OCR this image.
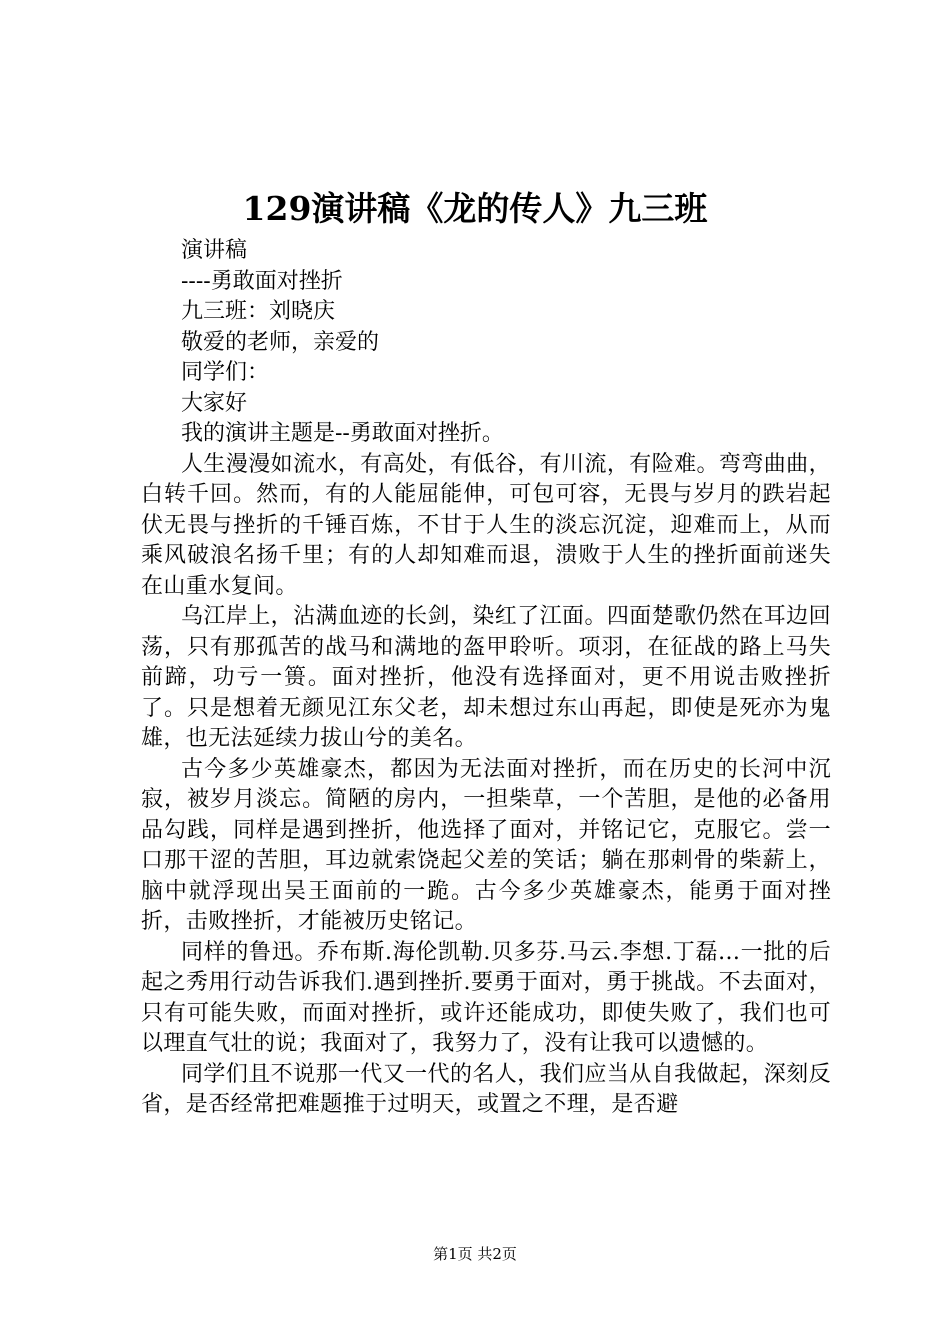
129演讲稿《龙的传人》九三班
演讲稿
----勇敢面对挫折
九三班：刘晓庆
敬爱的老师，亲爱的
同学们：
大家好
我的演讲主题是--勇敢面对挫折。

人生漫漫如流水，有高处，有低谷，有川流，有险难。弯弯曲曲，白转千回。然而，有的人能屈能伸，可包可容，无畏与岁月的跌岩起伏无畏与挫折的千锤百炼，不甘于人生的淡忘沉淀，迎难而上，从而乘风破浪名扬千里；有的人却知难而退，溃败于人生的挫折面前迷失在山重水复间。

乌江岸上，沾满血迹的长剑，染红了江面。四面楚歌仍然在耳边回荡，只有那孤苦的战马和满地的盔甲聆听。项羽，在征战的路上马失前蹄，功亏一篑。面对挫折，他没有选择面对，更不用说击败挫折了。只是想着无颜见江东父老，却未想过东山再起，即使是死亦为鬼雄，也无法延续力拔山兮的美名。

古今多少英雄豪杰，都因为无法面对挫折，而在历史的长河中沉寂，被岁月淡忘。简陋的房内，一担柴草，一个苦胆，是他的必备用品勾践，同样是遇到挫折，他选择了面对，并铭记它，克服它。尝一口那干涩的苦胆，耳边就索饶起父差的笑话；躺在那刺骨的柴薪上，脑中就浮现出吴王面前的一跪。古今多少英雄豪杰，能勇于面对挫折，击败挫折，才能被历史铭记。

同样的鲁迅。乔布斯.海伦凯勒.贝多芬.马云.李想.丁磊...一批的后起之秀用行动告诉我们.遇到挫折.要勇于面对，勇于挑战。不去面对，只有可能失败，而面对挫折，或许还能成功，即使失败了，我们也可以理直气壮的说；我面对了，我努力了，没有让我可以遗憾的。

同学们且不说那一代又一代的名人，我们应当从自我做起，深刻反省，是否经常把难题推于过明天，或置之不理，是否避

第1页 共2页
